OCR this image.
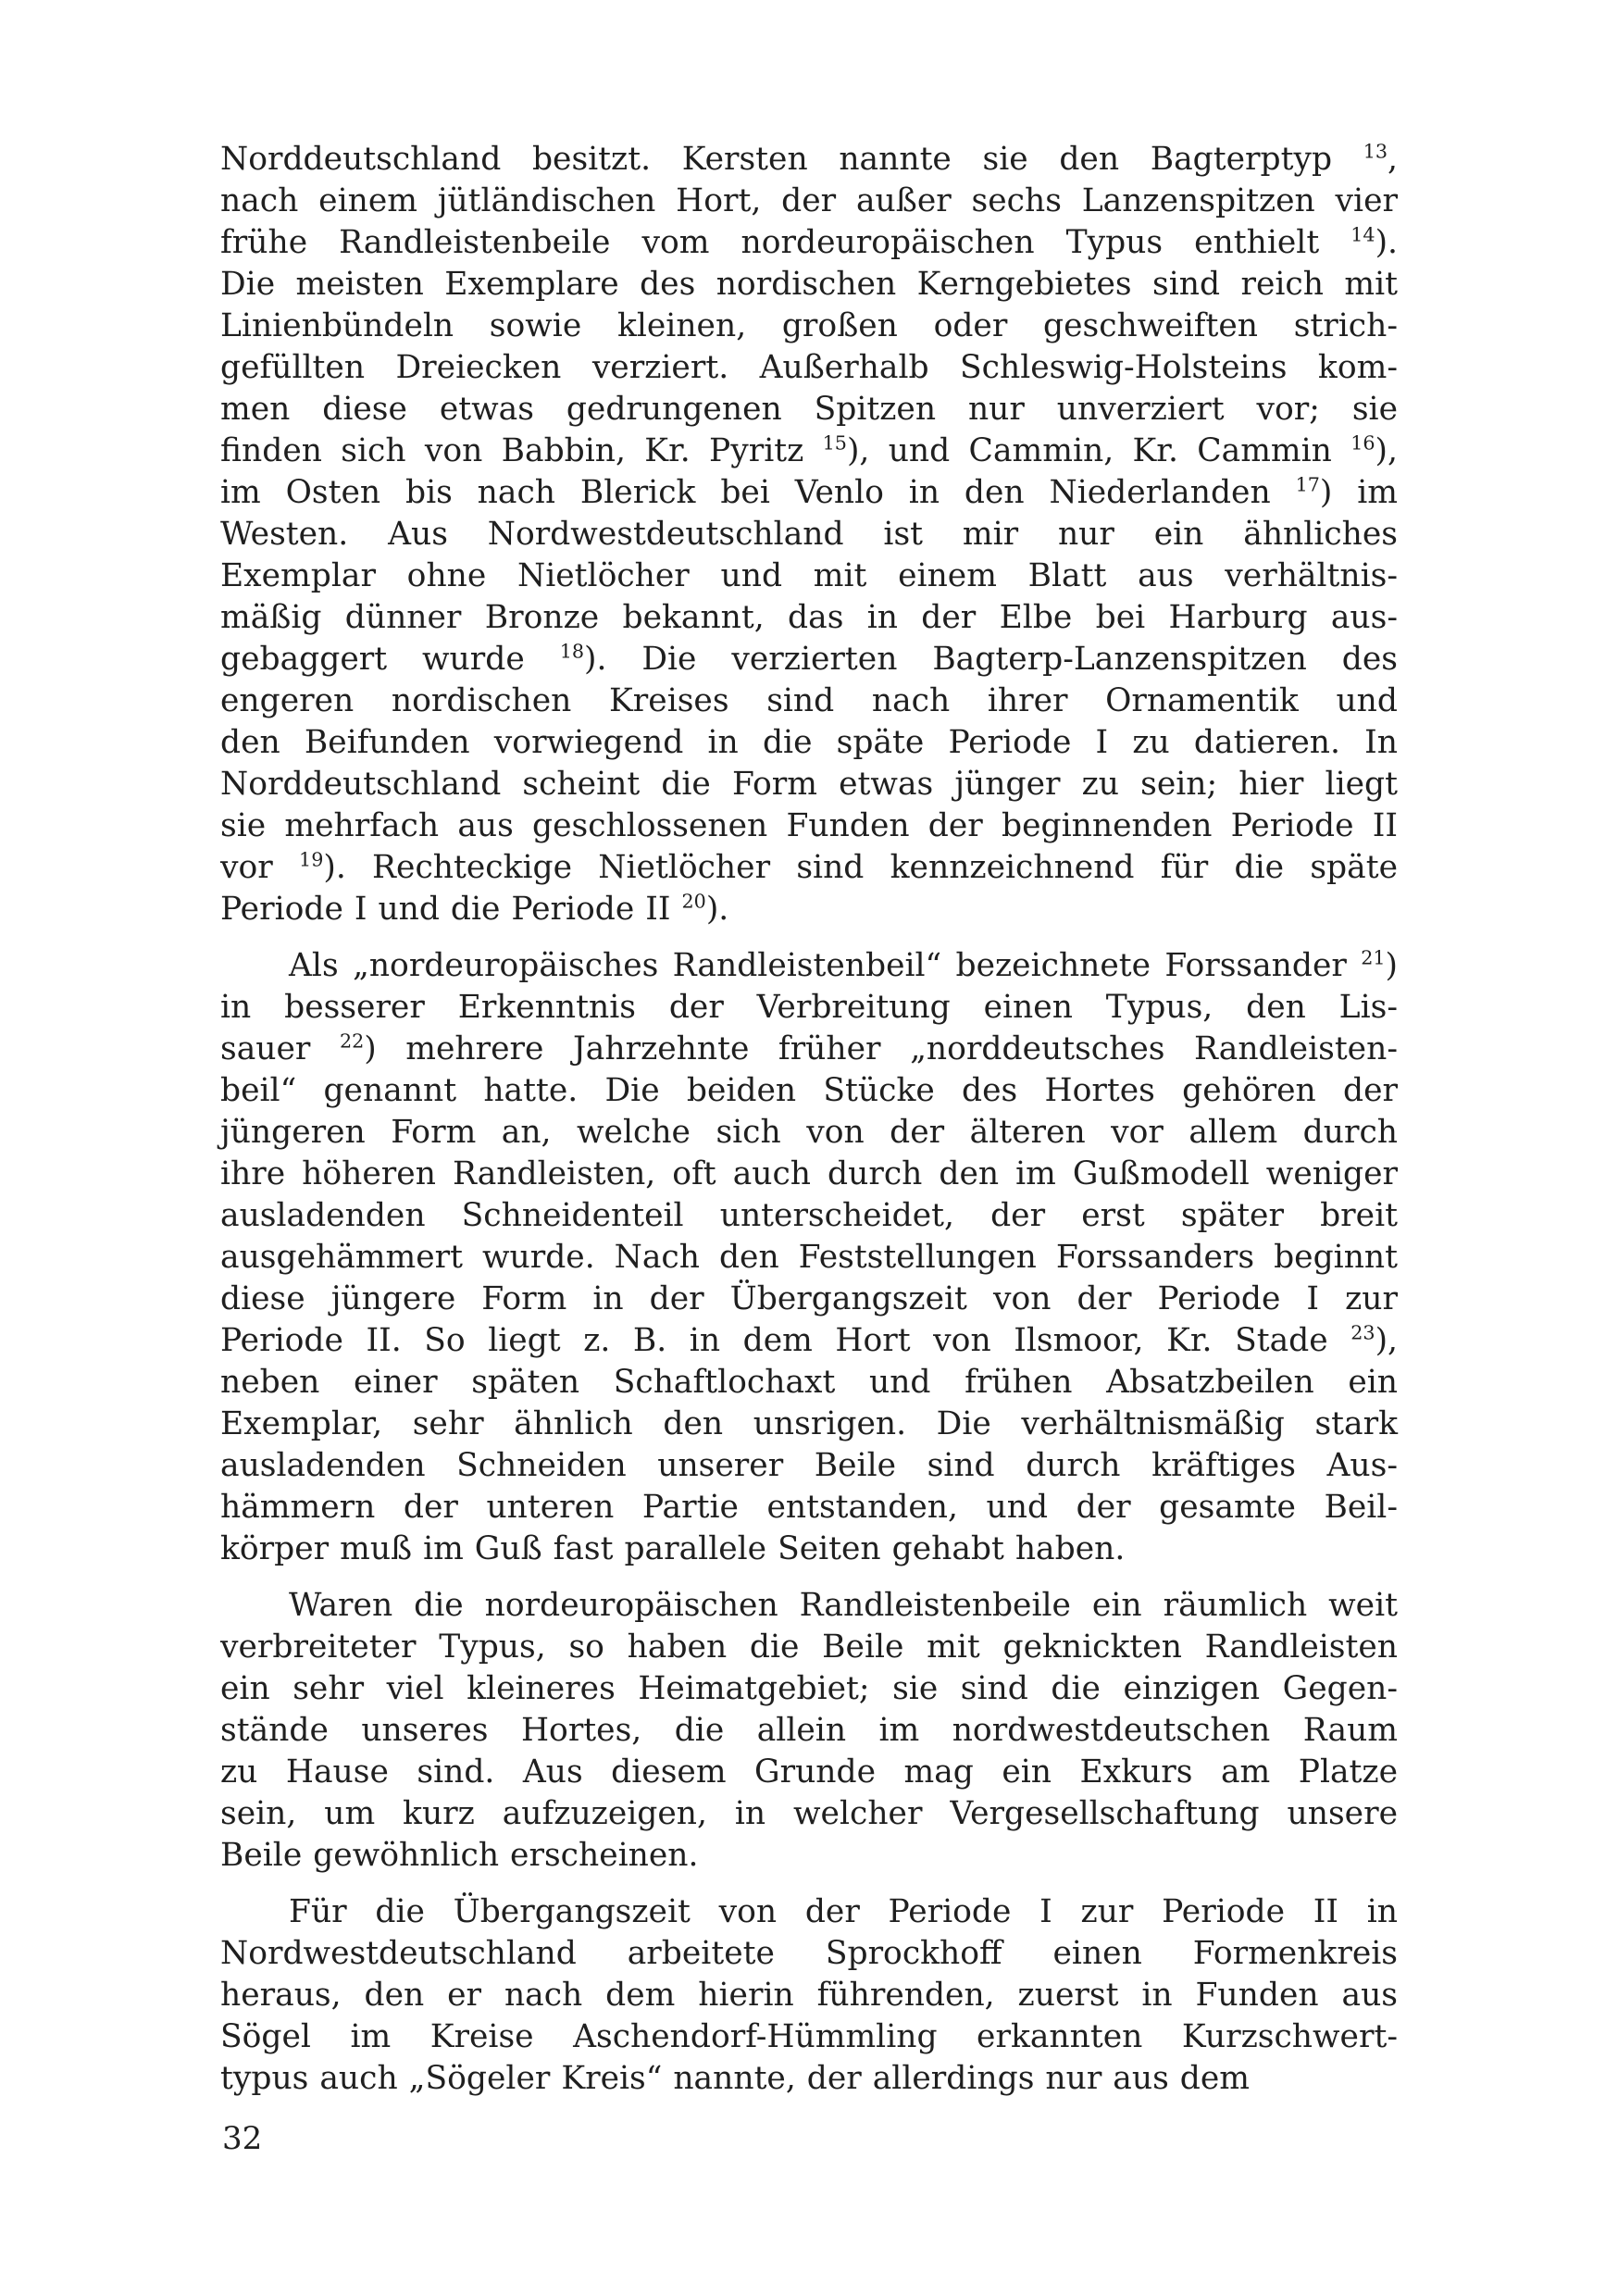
Norddeutschland besitzt. Kersten nannte sie den Bagterptyp $^{13}$,
nach einem jütländischen Hort, der außer sechs Lanzenspitzen vier
frühe Randleistenbeile vom nordeuropäischen Typus enthielt $^{14}$).
Die meisten Exemplare des nordischen Kerngebietes sind reich mit
Linienbündeln sowie kleinen, großen oder geschweiften strich-
gefüllten Dreiecken verziert. Außerhalb Schleswig-Holsteins kom-
men diese etwas gedrungenen Spitzen nur unverziert vor; sie
finden sich von Babbin, Kr. Pyritz $^{15}$), und Cammin, Kr. Cammin $^{16}$),
im Osten bis nach Blerick bei Venlo in den Niederlanden $^{17}$) im
Westen. Aus Nordwestdeutschland ist mir nur ein ähnliches
Exemplar ohne Nietlöcher und mit einem Blatt aus verhältnis-
mäßig dünner Bronze bekannt, das in der Elbe bei Harburg aus-
gebaggert wurde $^{18}$). Die verzierten Bagterp-Lanzenspitzen des
engeren nordischen Kreises sind nach ihrer Ornamentik und
den Beifunden vorwiegend in die späte Periode I zu datieren. In
Norddeutschland scheint die Form etwas jünger zu sein; hier liegt
sie mehrfach aus geschlossenen Funden der beginnenden Periode II
vor $^{19}$). Rechteckige Nietlöcher sind kennzeichnend für die späte
Periode I und die Periode II $^{20}$).
Als „nordeuropäisches Randleistenbeil“ bezeichnete Forssander $^{21}$)
in besserer Erkenntnis der Verbreitung einen Typus, den Lis-
sauer $^{22}$) mehrere Jahrzehnte früher „norddeutsches Randleisten-
beil“ genannt hatte. Die beiden Stücke des Hortes gehören der
jüngeren Form an, welche sich von der älteren vor allem durch
ihre höheren Randleisten, oft auch durch den im Gußmodell weniger
ausladenden Schneidenteil unterscheidet, der erst später breit
ausgehämmert wurde. Nach den Feststellungen Forssanders beginnt
diese jüngere Form in der Übergangszeit von der Periode I zur
Periode II. So liegt z. B. in dem Hort von Ilsmoor, Kr. Stade $^{23}$),
neben einer späten Schaftlochaxt und frühen Absatzbeilen ein
Exemplar, sehr ähnlich den unsrigen. Die verhältnismäßig stark
ausladenden Schneiden unserer Beile sind durch kräftiges Aus-
hämmern der unteren Partie entstanden, und der gesamte Beil-
körper muß im Guß fast parallele Seiten gehabt haben.
Waren die nordeuropäischen Randleistenbeile ein räumlich weit
verbreiteter Typus, so haben die Beile mit geknickten Randleisten
ein sehr viel kleineres Heimatgebiet; sie sind die einzigen Gegen-
stände unseres Hortes, die allein im nordwestdeutschen Raum
zu Hause sind. Aus diesem Grunde mag ein Exkurs am Platze
sein, um kurz aufzuzeigen, in welcher Vergesellschaftung unsere
Beile gewöhnlich erscheinen.
Für die Übergangszeit von der Periode I zur Periode II in
Nordwestdeutschland arbeitete Sprockhoff einen Formenkreis
heraus, den er nach dem hierin führenden, zuerst in Funden aus
Sögel im Kreise Aschendorf-Hümmling erkannten Kurzschwert-
typus auch „Sögeler Kreis“ nannte, der allerdings nur aus dem
32
